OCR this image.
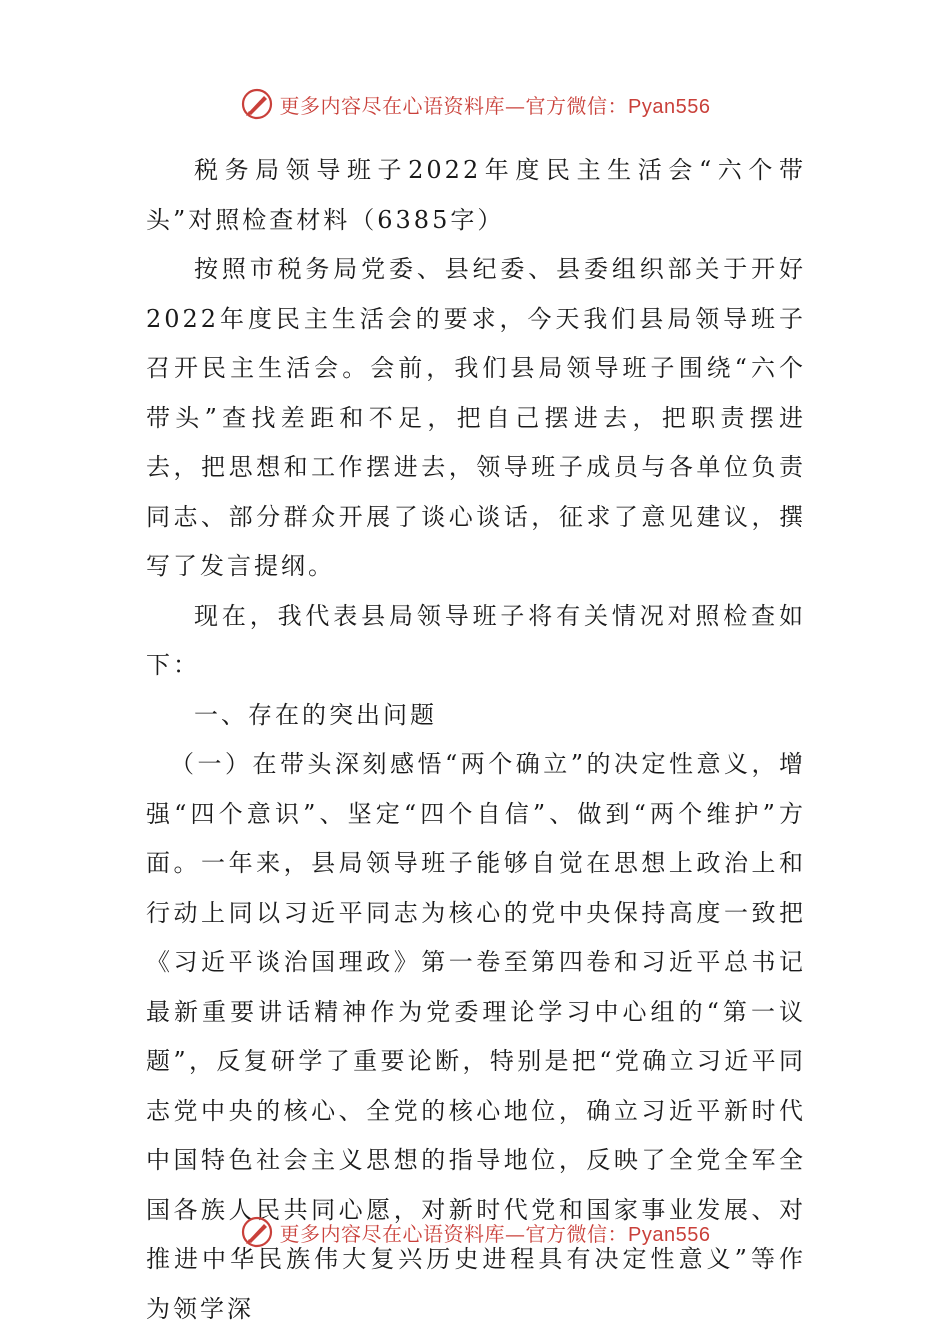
更多内容尽在心语资料库—官方微信：Pyan556

税务局领导班子2022年度民主生活会“六个带头”对照检查材料（6385字）

按照市税务局党委、县纪委、县委组织部关于开好2022年度民主生活会的要求，今天我们县局领导班子召开民主生活会。会前，我们县局领导班子围绕“六个带头”查找差距和不足，把自己摆进去，把职责摆进去，把思想和工作摆进去，领导班子成员与各单位负责同志、部分群众开展了谈心谈话，征求了意见建议，撰写了发言提纲。

现在，我代表县局领导班子将有关情况对照检查如下：

一、存在的突出问题

（一）在带头深刻感悟“两个确立”的决定性意义，增强“四个意识”、坚定“四个自信”、做到“两个维护”方面。一年来，县局领导班子能够自觉在思想上政治上和行动上同以习近平同志为核心的党中央保持高度一致把《习近平谈治国理政》第一卷至第四卷和习近平总书记最新重要讲话精神作为党委理论学习中心组的“第一议题”，反复研学了重要论断，特别是把“党确立习近平同志党中央的核心、全党的核心地位，确立习近平新时代中国特色社会主义思想的指导地位，反映了全党全军全国各族人民共同心愿，对新时代党和国家事业发展、对推进中华民族伟大复兴历史进程具有决定性意义”等作为领学深

更多内容尽在心语资料库—官方微信：Pyan556
